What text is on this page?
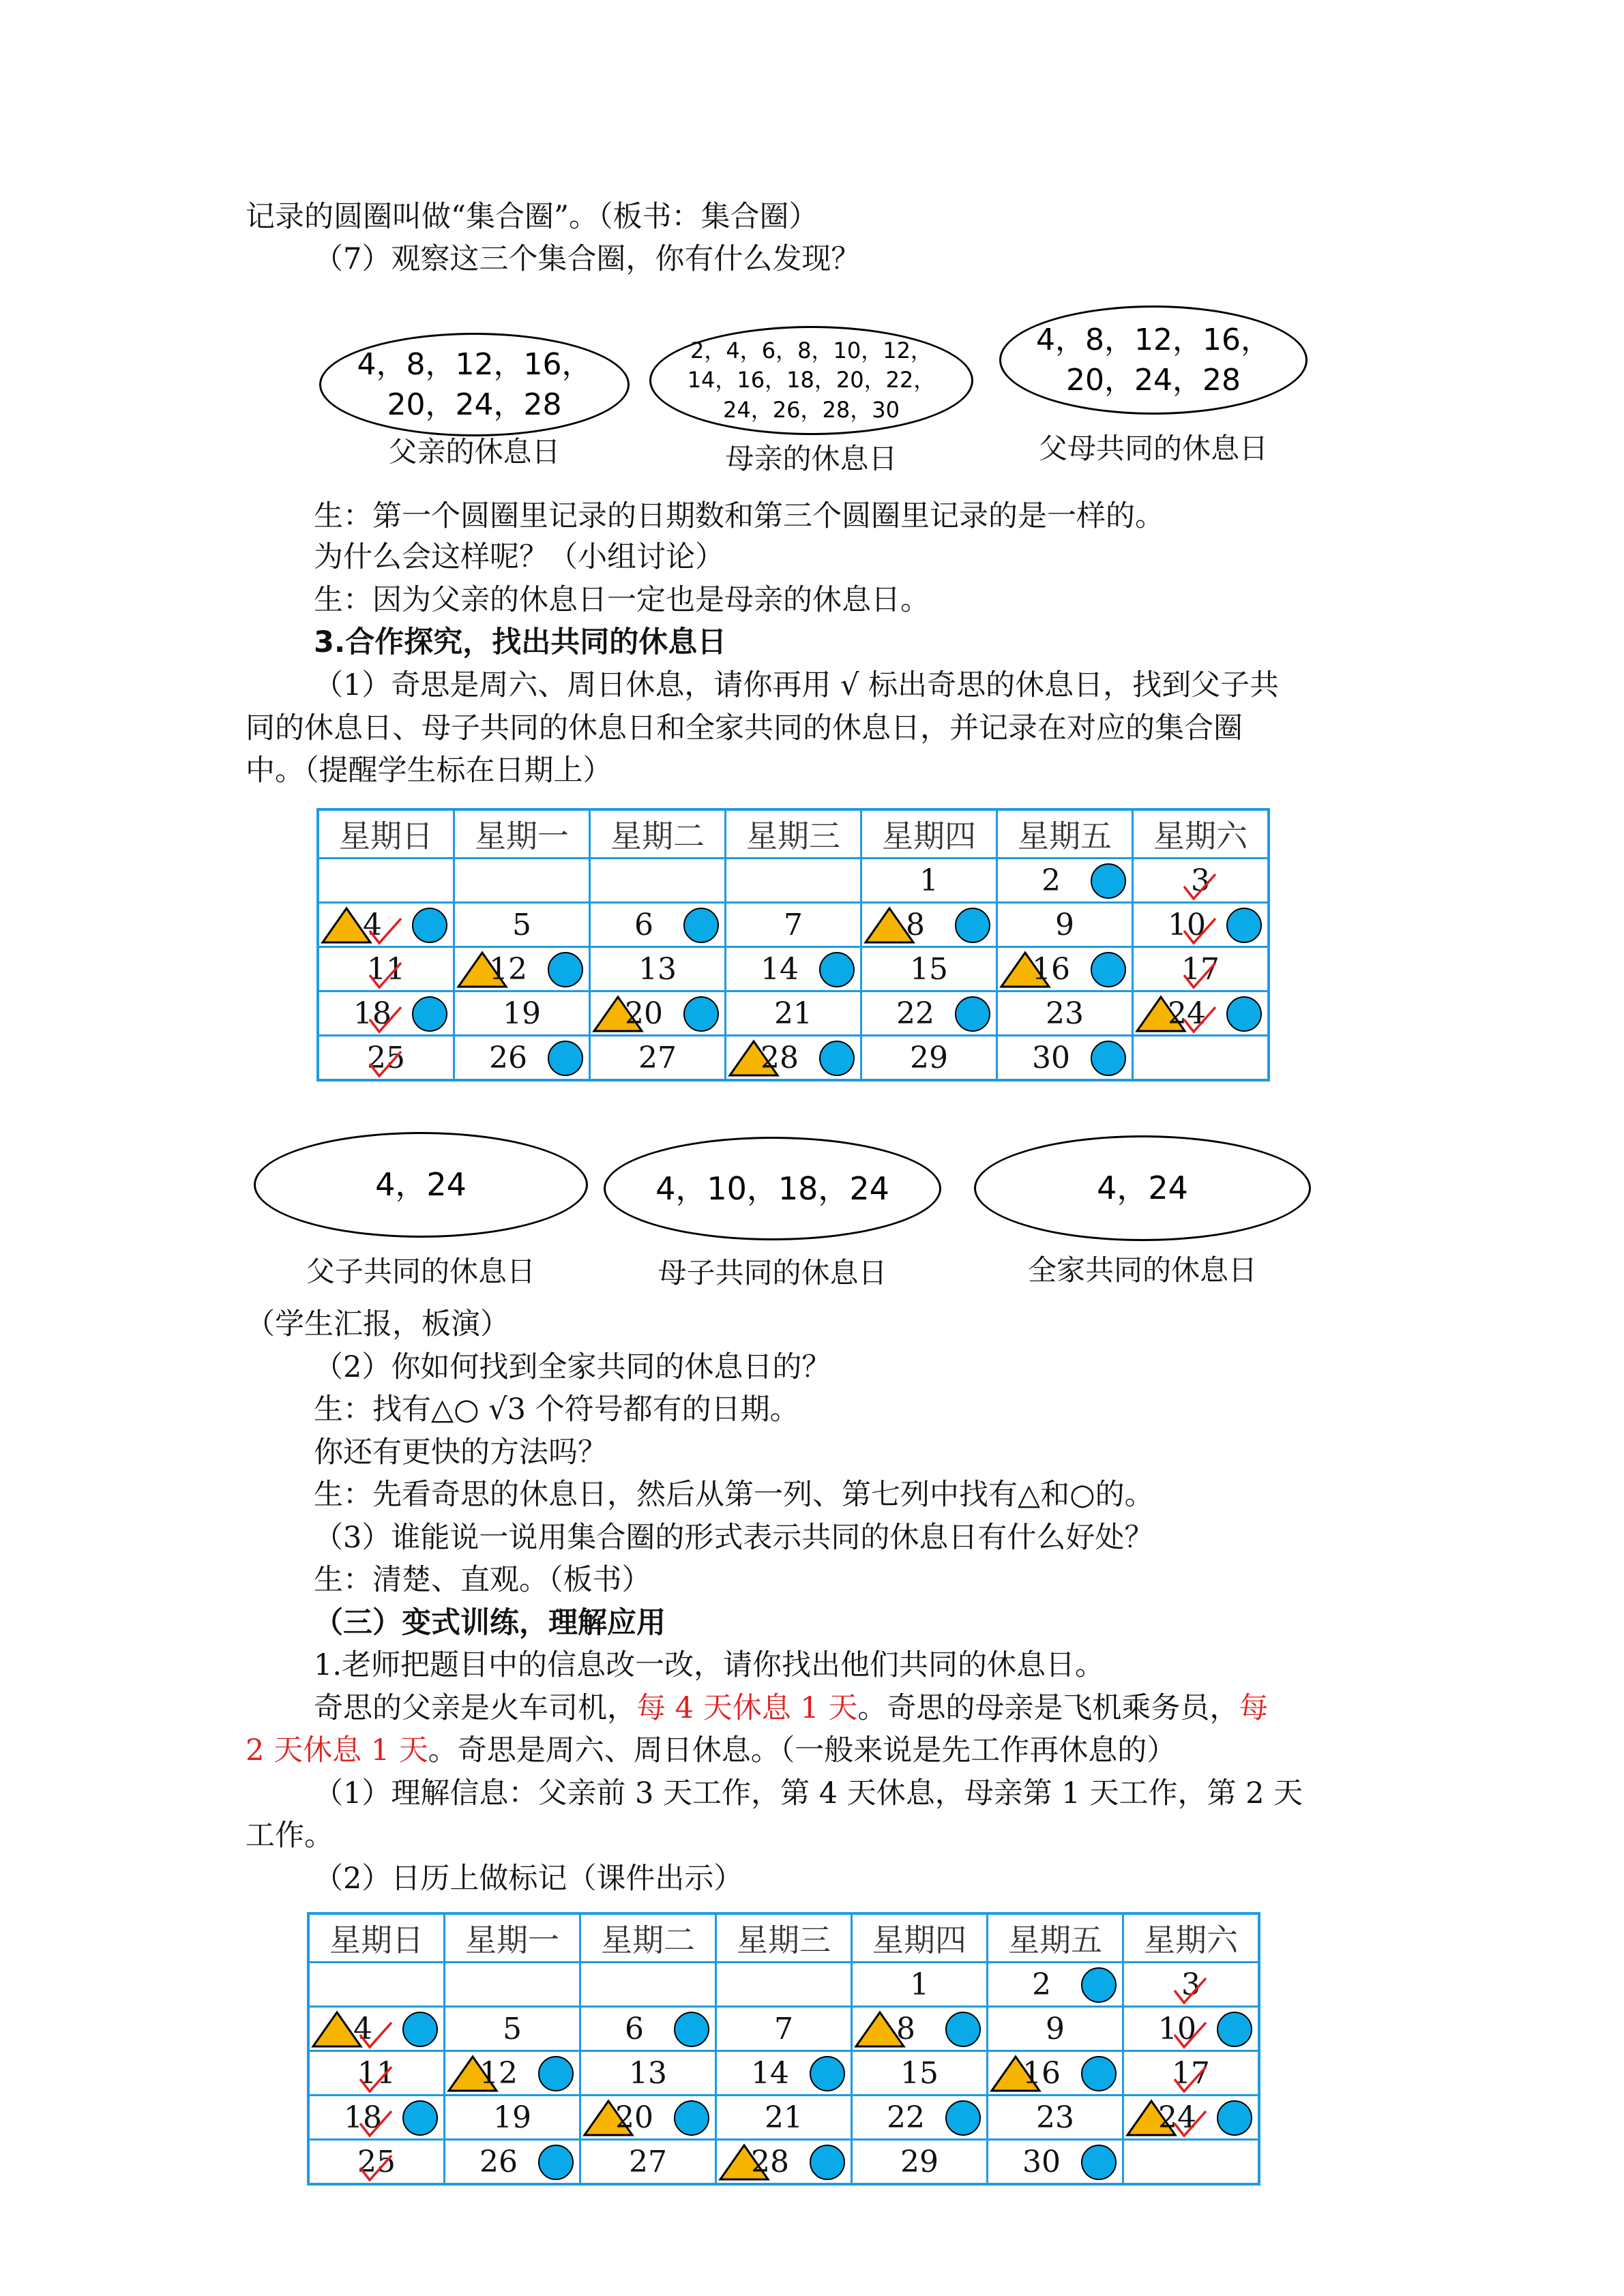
记录的圆圈叫做“集合圈”。（板书：集合圈）
（7）观察这三个集合圈，你有什么发现？
4，8，12，16，
20，24，28
父亲的休息日
2，4，6，8，10，12，
14，16，18，20，22，
24，26，28，30
母亲的休息日
4，8，12，16，
20，24，28
父母共同的休息日
生：第一个圆圈里记录的日期数和第三个圆圈里记录的是一样的。
为什么会这样呢？（小组讨论）
生：因为父亲的休息日一定也是母亲的休息日。
3.合作探究，找出共同的休息日
（1）奇思是周六、周日休息，请你再用 √ 标出奇思的休息日，找到父子共
同的休息日、母子共同的休息日和全家共同的休息日，并记录在对应的集合圈
中。（提醒学生标在日期上）
星期日	星期一	星期二	星期三	星期四	星期五	星期六

				1	2	3

4	5	6	7	8	9	10

11	12	13	14	15	16	17

18	19	20	21	22	23	24

25	26	27	28	29	30	

4，24
父子共同的休息日
4，10，18，24
母子共同的休息日
4，24
全家共同的休息日
（学生汇报，板演）
（2）你如何找到全家共同的休息日的？
生：找有△○ √3 个符号都有的日期。
你还有更快的方法吗？
生：先看奇思的休息日，然后从第一列、第七列中找有△和○的。
（3）谁能说一说用集合圈的形式表示共同的休息日有什么好处？
生：清楚、直观。（板书）
（三）变式训练，理解应用
1.老师把题目中的信息改一改，请你找出他们共同的休息日。
奇思的父亲是火车司机，每 4 天休息 1 天。奇思的母亲是飞机乘务员，每
2 天休息 1 天。奇思是周六、周日休息。（一般来说是先工作再休息的）
（1）理解信息：父亲前 3 天工作，第 4 天休息，母亲第 1 天工作，第 2 天
工作。
（2）日历上做标记（课件出示）
星期日	星期一	星期二	星期三	星期四	星期五	星期六

				1	2	3

4	5	6	7	8	9	10

11	12	13	14	15	16	17

18	19	20	21	22	23	24

25	26	27	28	29	30	
